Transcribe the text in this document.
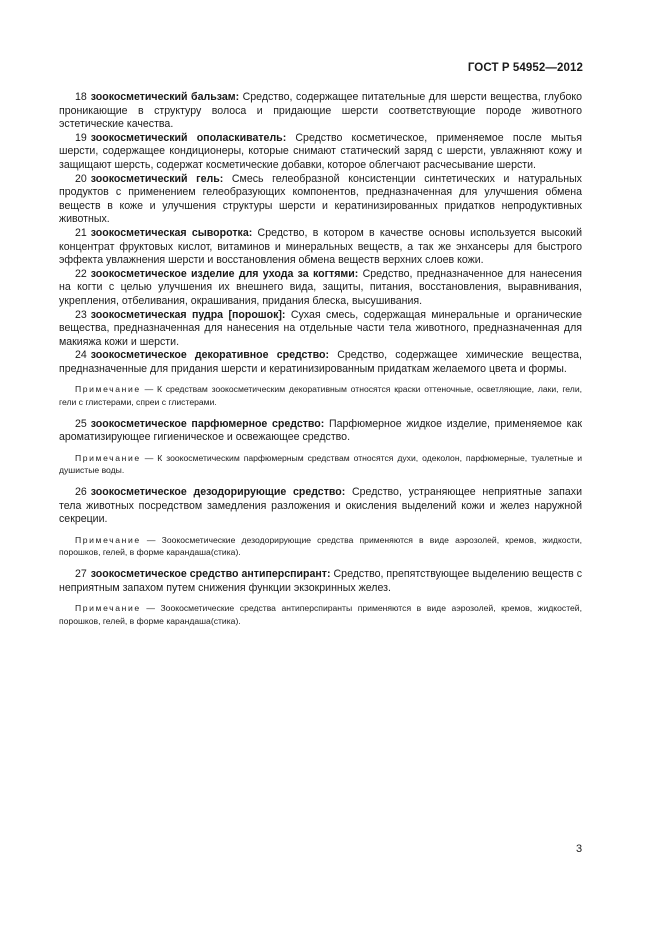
ГОСТ Р 54952—2012

18 зоокосметический бальзам: Средство, содержащее питательные для шерсти вещества, глубоко проникающие в структуру волоса и придающие шерсти соответствующие породе животного эстетические качества.

19 зоокосметический ополаскиватель: Средство косметическое, применяемое после мытья шерсти, содержащее кондиционеры, которые снимают статический заряд с шерсти, увлажняют кожу и защищают шерсть, содержат косметические добавки, которое облегчают расчесывание шерсти.

20 зоокосметический гель: Смесь гелеобразной консистенции синтетических и натуральных продуктов с применением гелеобразующих компонентов, предназначенная для улучшения обмена веществ в коже и улучшения структуры шерсти и кератинизированных придатков непродуктивных животных.

21 зоокосметическая сыворотка: Средство, в котором в качестве основы используется высокий концентрат фруктовых кислот, витаминов и минеральных веществ, а так же энхансеры для быстрого эффекта увлажнения шерсти и восстановления обмена веществ верхних слоев кожи.

22 зоокосметическое изделие для ухода за когтями: Средство, предназначенное для нанесения на когти с целью улучшения их внешнего вида, защиты, питания, восстановления, выравнивания, укрепления, отбеливания, окрашивания, придания блеска, высушивания.

23 зоокосметическая пудра [порошок]: Сухая смесь, содержащая минеральные и органические вещества, предназначенная для нанесения на отдельные части тела животного, предназначенная для макияжа кожи и шерсти.

24 зоокосметическое декоративное средство: Средство, содержащее химические вещества, предназначенные для придания шерсти и кератинизированным придаткам желаемого цвета и формы.

Примечание — К средствам зоокосметическим декоративным относятся краски оттеночные, осветляющие, лаки, гели, гели с глистерами, спреи с глистерами.

25 зоокосметическое парфюмерное средство: Парфюмерное жидкое изделие, применяемое как ароматизирующее гигиеническое и освежающее средство.

Примечание — К зоокосметическим парфюмерным средствам относятся духи, одеколон, парфюмерные, туалетные и душистые воды.

26 зоокосметическое дезодорирующие средство: Средство, устраняющее неприятные запахи тела животных посредством замедления разложения и окисления выделений кожи и желез наружной секреции.

Примечание — Зоокосметические дезодорирующие средства применяются в виде аэрозолей, кремов, жидкости, порошков, гелей, в форме карандаша(стика).

27 зоокосметическое средство антиперспирант: Средство, препятствующее выделению веществ с неприятным запахом путем снижения функции экзокринных желез.

Примечание — Зоокосметические средства антиперспиранты применяются в виде аэрозолей, кремов, жидкостей, порошков, гелей, в форме карандаша(стика).

3
